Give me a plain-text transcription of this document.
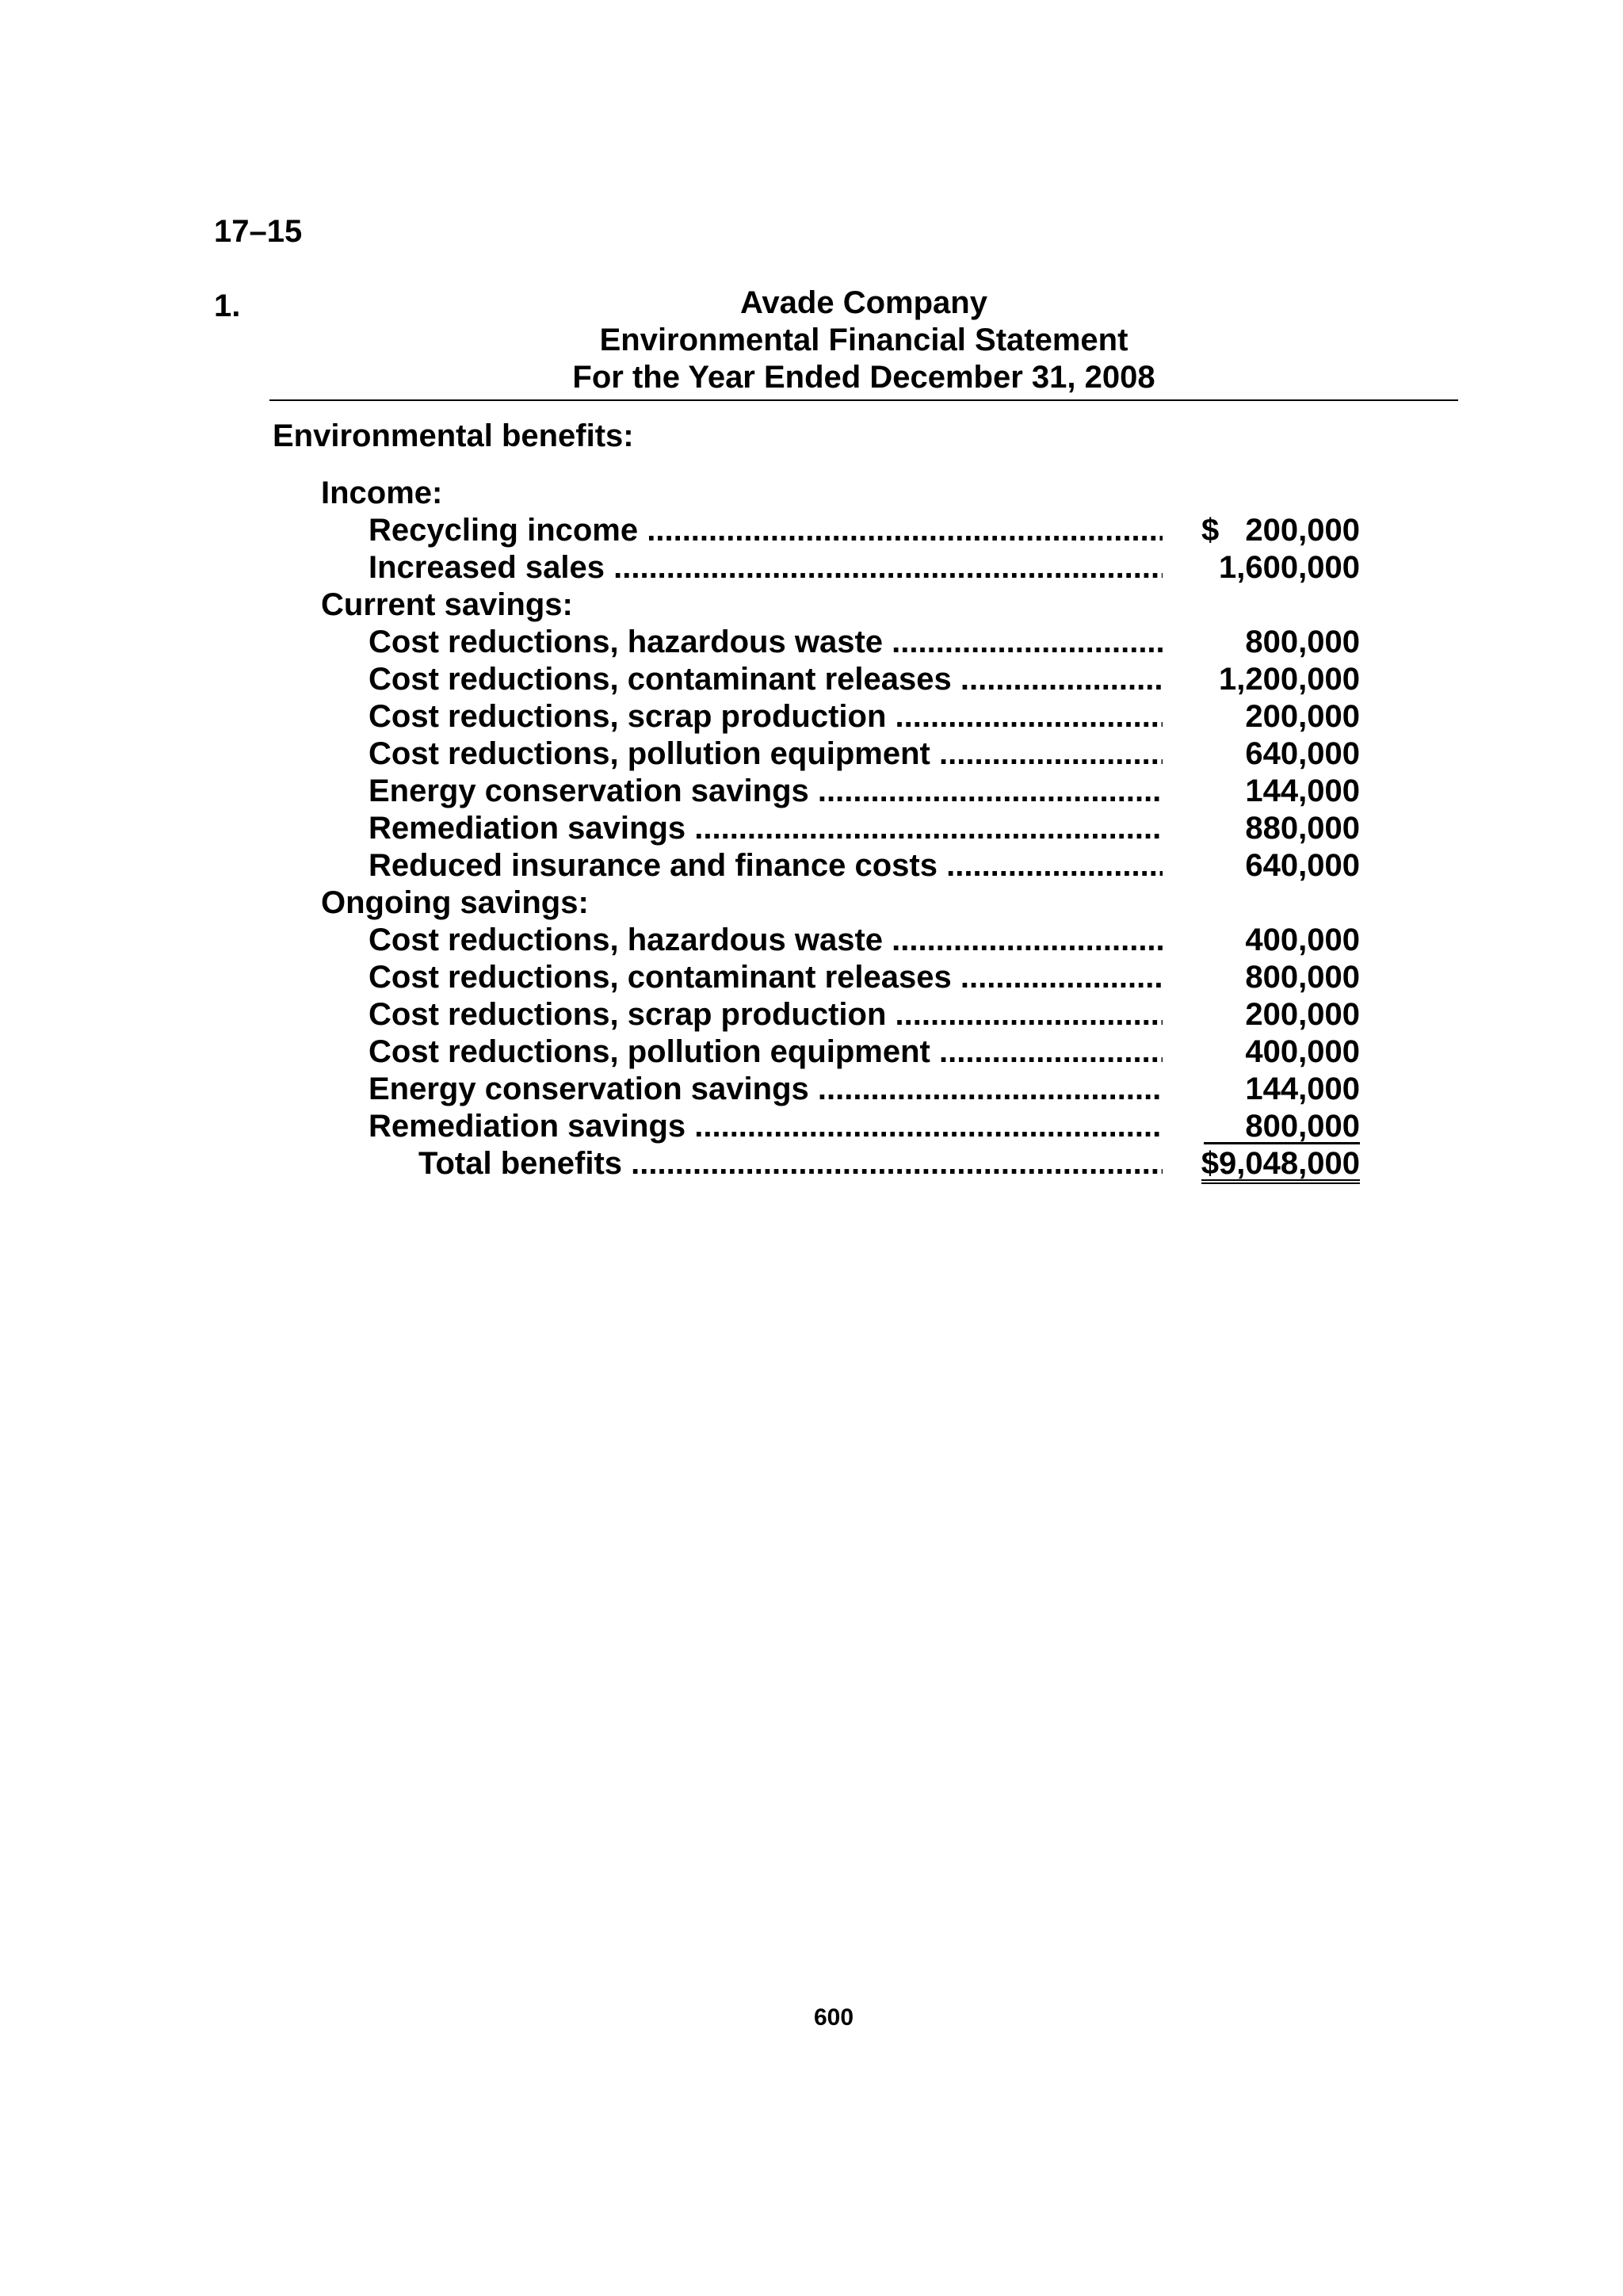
17–15
1.	Avade Company
Environmental Financial Statement
For the Year Ended December 31, 2008
Environmental benefits:
Income:
Recycling income .....	$ 200,000
Increased sales .....	1,600,000
Current savings:
Cost reductions, hazardous waste .....	800,000
Cost reductions, contaminant releases .....	1,200,000
Cost reductions, scrap production .....	200,000
Cost reductions, pollution equipment .....	640,000
Energy conservation savings .....	144,000
Remediation savings .....	880,000
Reduced insurance and finance costs .....	640,000
Ongoing savings:
Cost reductions, hazardous waste .....	400,000
Cost reductions, contaminant releases .....	800,000
Cost reductions, scrap production .....	200,000
Cost reductions, pollution equipment .....	400,000
Energy conservation savings .....	144,000
Remediation savings .....	800,000
Total benefits .....	$9,048,000
600
